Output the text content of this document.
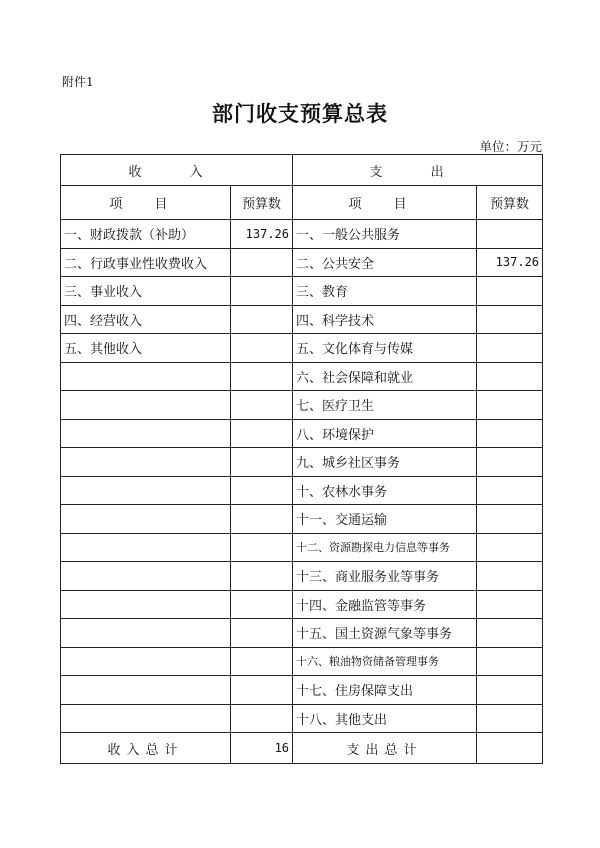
附件1
部门收支预算总表
单位：万元
收 入		支 出	
项 目	预算数	项 目	预算数
一、财政拨款（补助）	137.26	一、一般公共服务	
二、行政事业性收费收入		二、公共安全	137.26
三、事业收入		三、教育	
四、经营收入		四、科学技术	
五、其他收入		五、文化体育与传媒	
		六、社会保障和就业	
		七、医疗卫生	
		八、环境保护	
		九、城乡社区事务	
		十、农林水事务	
		十一、交通运输	
		十二、资源勘探电力信息等事务	
		十三、商业服务业等事务	
		十四、金融监管等事务	
		十五、国土资源气象等事务	
		十六、粮油物资储备管理事务	
		十七、住房保障支出	
		十八、其他支出	
收入总计	16	支出总计	
